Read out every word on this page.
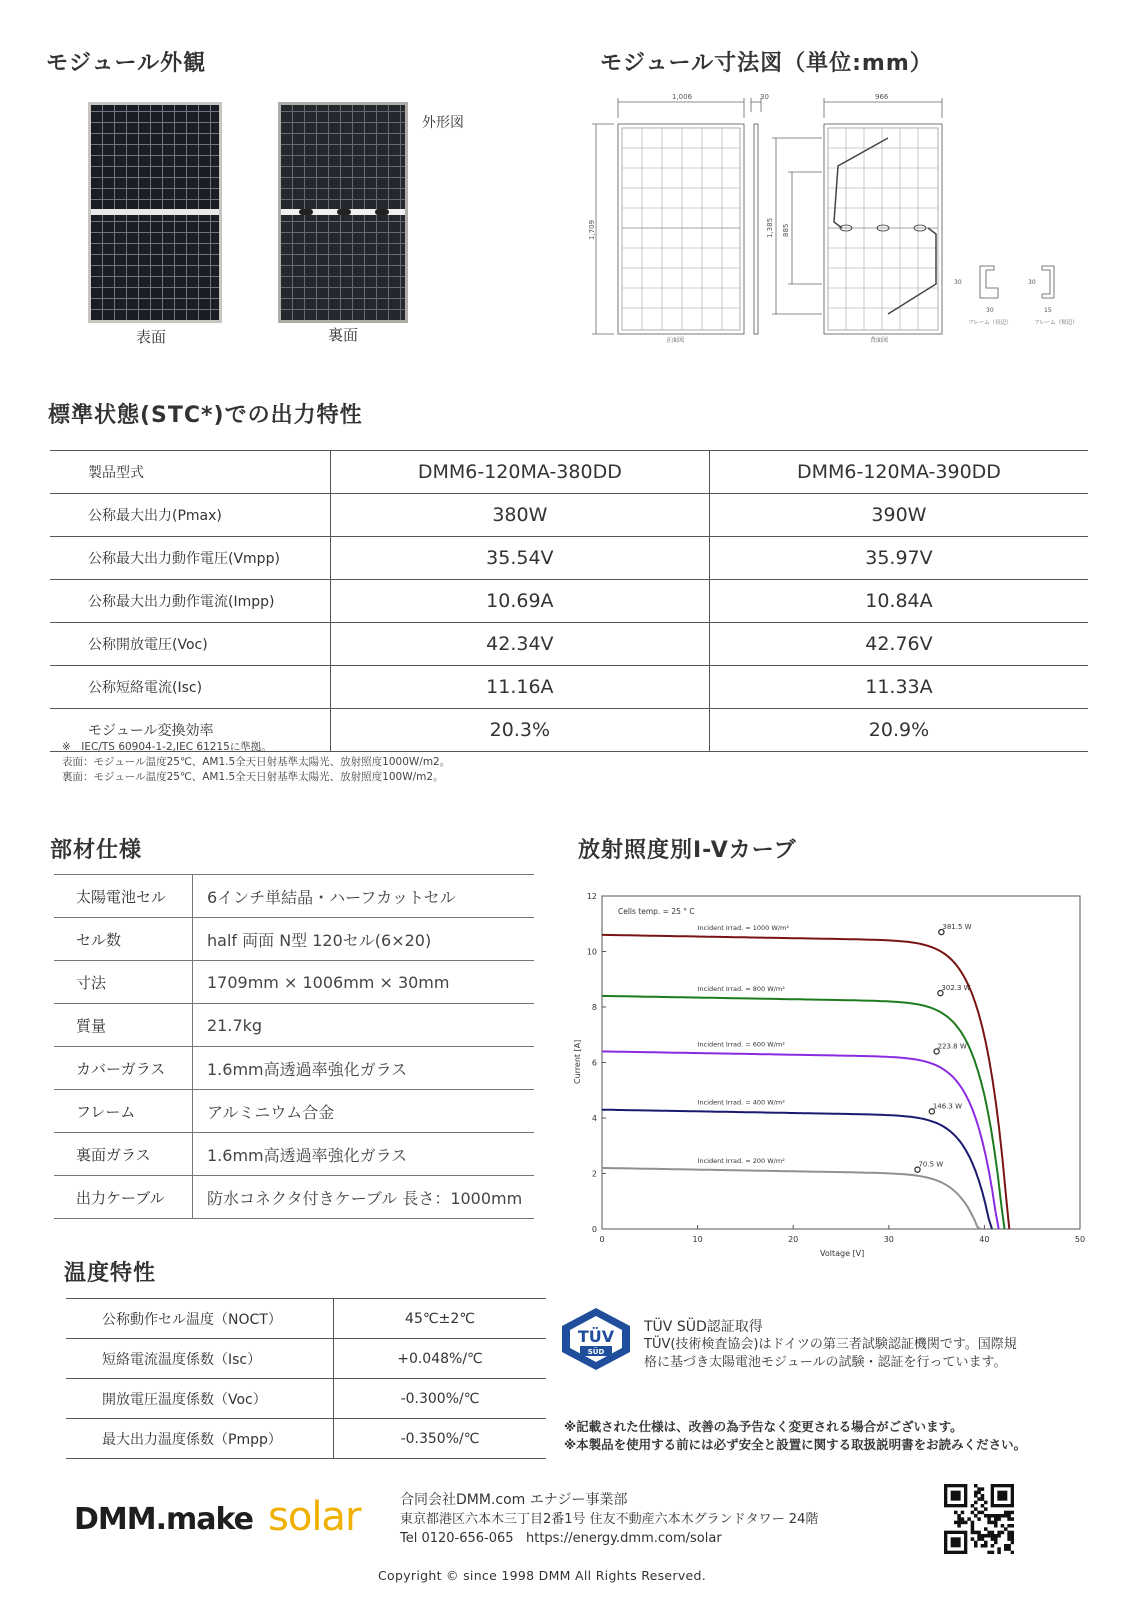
モジュール外観	モジュール寸法図（単位:mm）
表面	裏面
外形図
1,006	30	966
1,709	1,385 885
正面図	背面図
30
30
30
15
フレーム（長辺）	フレーム（短辺）
標準状態(STC*)での出力特性
製品型式	DMM6-120MA-380DD	DMM6-120MA-390DD
公称最大出力(Pmax)	380W	390W
公称最大出力動作電圧(Vmpp)	35.54V	35.97V
公称最大出力動作電流(Impp)	10.69A	10.84A
公称開放電圧(Voc)	42.34V	42.76V
公称短絡電流(Isc)	11.16A	11.33A
モジュール変換効率	20.3%	20.9%
※　IEC/TS 60904-1-2,IEC 61215に準拠。
表面：モジュール温度25℃、AM1.5全天日射基準太陽光、放射照度1000W/m2。
裏面：モジュール温度25℃、AM1.5全天日射基準太陽光、放射照度100W/m2。
部材仕様
太陽電池セル	6インチ単結晶・ハーフカットセル
セル数	half 両面 N型 120セル(6×20)
寸法	1709mm × 1006mm × 30mm
質量	21.7kg
カバーガラス	1.6mm高透過率強化ガラス
フレーム	アルミニウム合金
裏面ガラス	1.6mm高透過率強化ガラス
出力ケーブル	防水コネクタ付きケーブル 長さ：1000mm
放射照度別I-Vカーブ
0	10	20	30	40	50
0
2
4
6
8
10
12
381.5 W
Incident Irrad. = 1000 W/m²
302.3 W
Incident Irrad. = 800 W/m²
223.8 W
Incident Irrad. = 600 W/m²
146.3 W
Incident Irrad. = 400 W/m²
70.5 W
Incident Irrad. = 200 W/m²
Cells temp. = 25 ° C
Voltage [V]
Current [A]
温度特性
公称動作セル温度（NOCT）	45℃±2℃
短絡電流温度係数（Isc）	+0.048%/℃
開放電圧温度係数（Voc）	-0.300%/℃
最大出力温度係数（Pmpp）	-0.350%/℃
TÜV
SÜD
TÜV SÜD認証取得
TÜV(技術検査協会)はドイツの第三者試験認証機関です。国際規
格に基づき太陽電池モジュールの試験・認証を行っています。
※記載された仕様は、改善の為予告なく変更される場合がございます。
※本製品を使用する前には必ず安全と設置に関する取扱説明書をお読みください。
DMM.make solar	合同会社DMM.com エナジー事業部
東京都港区六本木三丁目2番1号 住友不動産六本木グランドタワー 24階
Tel 0120-656-065 https://energy.dmm.com/solar
Copyright © since 1998 DMM All Rights Reserved.
